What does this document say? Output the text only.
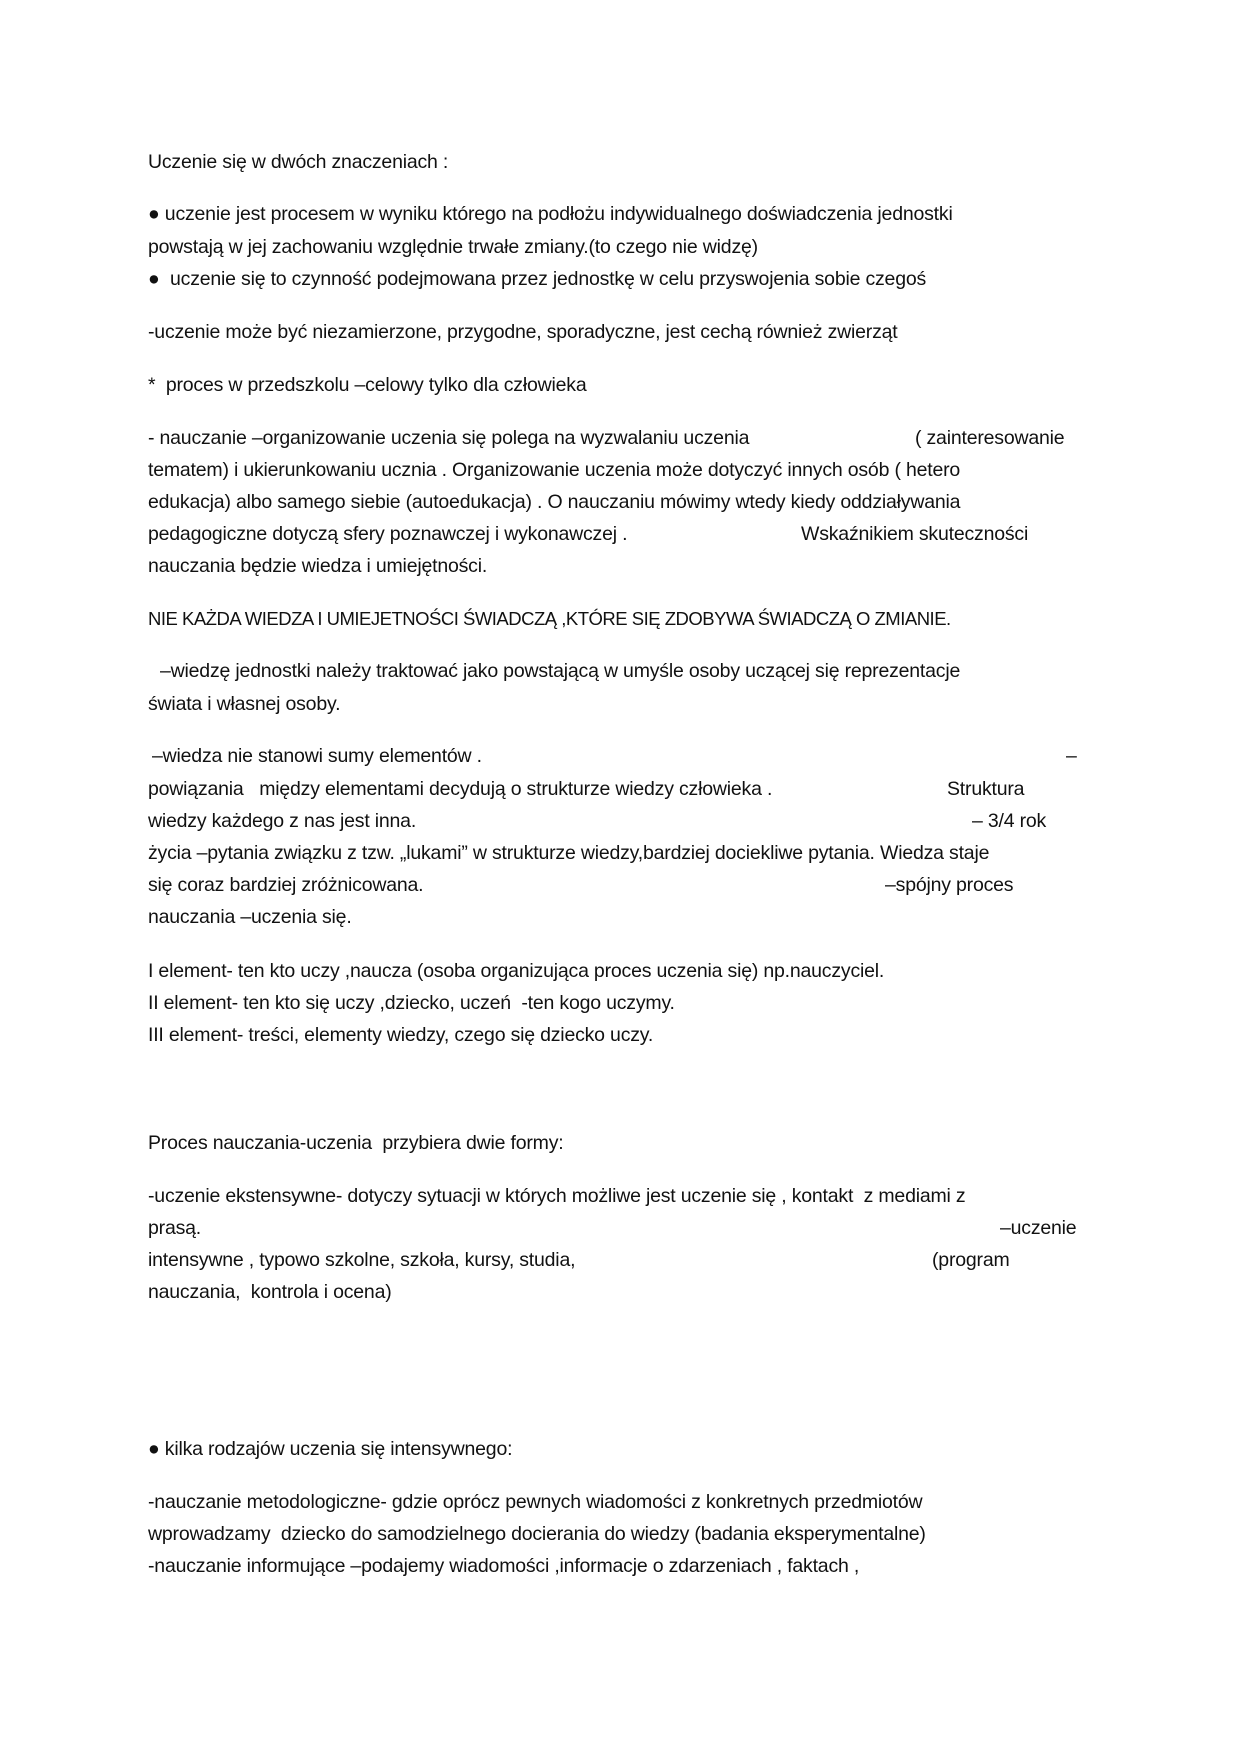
Uczenie się w dwóch znaczeniach :
● uczenie jest procesem w wyniku którego na podłożu indywidualnego doświadczenia jednostki
powstają w jej zachowaniu względnie trwałe zmiany.(to czego nie widzę)
●  uczenie się to czynność podejmowana przez jednostkę w celu przyswojenia sobie czegoś
-uczenie może być niezamierzone, przygodne, sporadyczne, jest cechą również zwierząt
*  proces w przedszkolu –celowy tylko dla człowieka
- nauczanie –organizowanie uczenia się polega na wyzwalaniu uczenia	( zainteresowanie
tematem) i ukierunkowaniu ucznia . Organizowanie uczenia może dotyczyć innych osób ( hetero
edukacja) albo samego siebie (autoedukacja) . O nauczaniu mówimy wtedy kiedy oddziaływania
pedagogiczne dotyczą sfery poznawczej i wykonawczej .	Wskaźnikiem skuteczności
nauczania będzie wiedza i umiejętności.
NIE KAŻDA WIEDZA I UMIEJETNOŚCI ŚWIADCZĄ ,KTÓRE SIĘ ZDOBYWA ŚWIADCZĄ O ZMIANIE.
–wiedzę jednostki należy traktować jako powstającą w umyśle osoby uczącej się reprezentacje
świata i własnej osoby.
–wiedza nie stanowi sumy elementów .	–
powiązania   między elementami decydują o strukturze wiedzy człowieka .	Struktura
wiedzy każdego z nas jest inna.	– 3/4 rok
życia –pytania związku z tzw. „lukami” w strukturze wiedzy,bardziej dociekliwe pytania. Wiedza staje
się coraz bardziej zróżnicowana.	–spójny proces
nauczania –uczenia się.
I element- ten kto uczy ,naucza (osoba organizująca proces uczenia się) np.nauczyciel.
II element- ten kto się uczy ,dziecko, uczeń  -ten kogo uczymy.
III element- treści, elementy wiedzy, czego się dziecko uczy.
Proces nauczania-uczenia  przybiera dwie formy:
-uczenie ekstensywne- dotyczy sytuacji w których możliwe jest uczenie się , kontakt  z mediami z
prasą.	–uczenie
intensywne , typowo szkolne, szkoła, kursy, studia,	(program
nauczania,  kontrola i ocena)
● kilka rodzajów uczenia się intensywnego:
-nauczanie metodologiczne- gdzie oprócz pewnych wiadomości z konkretnych przedmiotów
wprowadzamy  dziecko do samodzielnego docierania do wiedzy (badania eksperymentalne)
-nauczanie informujące –podajemy wiadomości ,informacje o zdarzeniach , faktach ,
